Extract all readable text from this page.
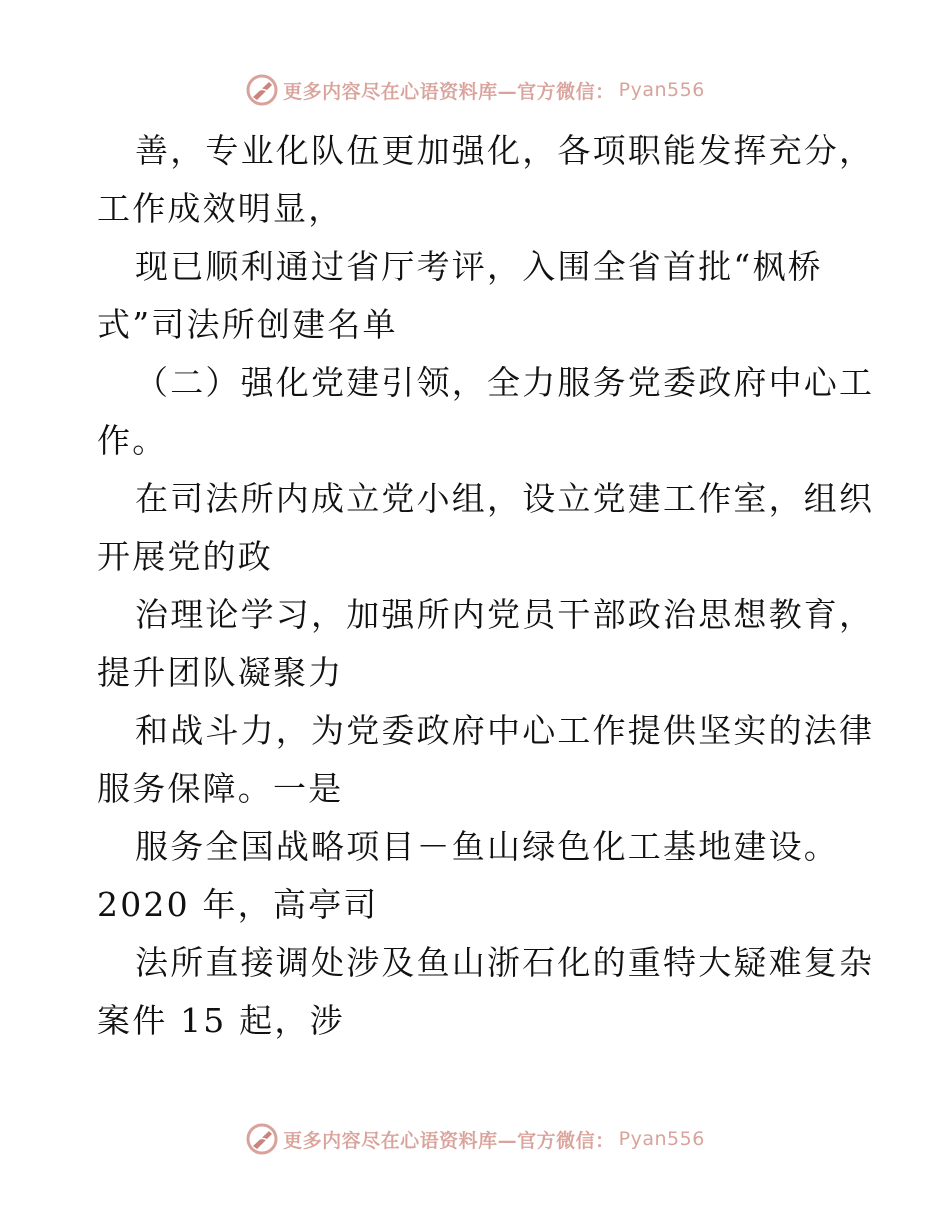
更多内容尽在心语资料库—官方微信： Pyan556
善，专业化队伍更加强化，各项职能发挥充分，
工作成效明显，
现已顺利通过省厅考评，入围全省首批“枫桥
式”司法所创建名单
（二）强化党建引领，全力服务党委政府中心工
作。
在司法所内成立党小组，设立党建工作室，组织
开展党的政
治理论学习，加强所内党员干部政治思想教育，
提升团队凝聚力
和战斗力，为党委政府中心工作提供坚实的法律
服务保障。一是
服务全国战略项目－鱼山绿色化工基地建设。
2020 年，高亭司
法所直接调处涉及鱼山浙石化的重特大疑难复杂
案件 15 起，涉
更多内容尽在心语资料库—官方微信： Pyan556
